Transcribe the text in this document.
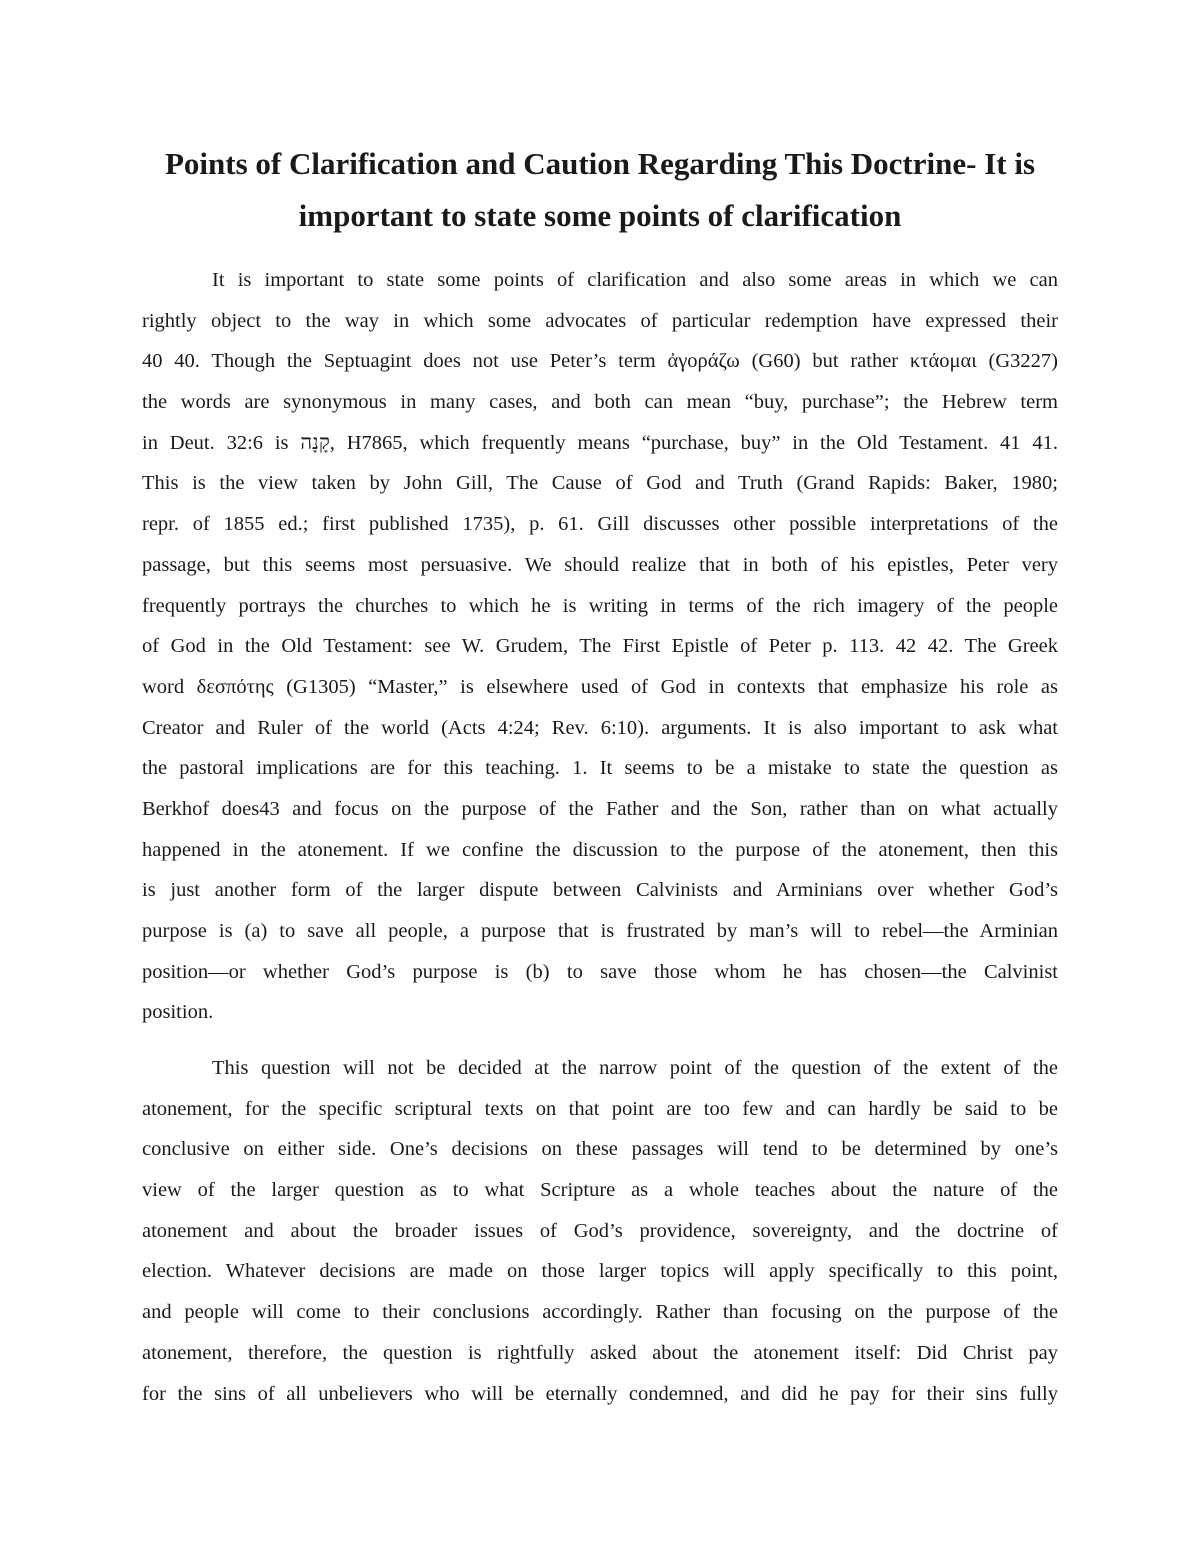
Points of Clarification and Caution Regarding This Doctrine- It is
important to state some points of clarification

It is important to state some points of clarification and also some areas in which we can
rightly object to the way in which some advocates of particular redemption have expressed their
40 40. Though the Septuagint does not use Peter’s term ἀγοράζω (G60) but rather κτάομαι (G3227)
the words are synonymous in many cases, and both can mean “buy, purchase”; the Hebrew term
in Deut. 32:6 is קָנָה, H7865, which frequently means “purchase, buy” in the Old Testament. 41 41.
This is the view taken by John Gill, The Cause of God and Truth (Grand Rapids: Baker, 1980;
repr. of 1855 ed.; first published 1735), p. 61. Gill discusses other possible interpretations of the
passage, but this seems most persuasive. We should realize that in both of his epistles, Peter very
frequently portrays the churches to which he is writing in terms of the rich imagery of the people
of God in the Old Testament: see W. Grudem, The First Epistle of Peter p. 113. 42 42. The Greek
word δεσπότης (G1305) “Master,” is elsewhere used of God in contexts that emphasize his role as
Creator and Ruler of the world (Acts 4:24; Rev. 6:10). arguments. It is also important to ask what
the pastoral implications are for this teaching. 1. It seems to be a mistake to state the question as
Berkhof does43 and focus on the purpose of the Father and the Son, rather than on what actually
happened in the atonement. If we confine the discussion to the purpose of the atonement, then this
is just another form of the larger dispute between Calvinists and Arminians over whether God’s
purpose is (a) to save all people, a purpose that is frustrated by man’s will to rebel—the Arminian
position—or whether God’s purpose is (b) to save those whom he has chosen—the Calvinist
position.

This question will not be decided at the narrow point of the question of the extent of the
atonement, for the specific scriptural texts on that point are too few and can hardly be said to be
conclusive on either side. One’s decisions on these passages will tend to be determined by one’s
view of the larger question as to what Scripture as a whole teaches about the nature of the
atonement and about the broader issues of God’s providence, sovereignty, and the doctrine of
election. Whatever decisions are made on those larger topics will apply specifically to this point,
and people will come to their conclusions accordingly. Rather than focusing on the purpose of the
atonement, therefore, the question is rightfully asked about the atonement itself: Did Christ pay
for the sins of all unbelievers who will be eternally condemned, and did he pay for their sins fully
